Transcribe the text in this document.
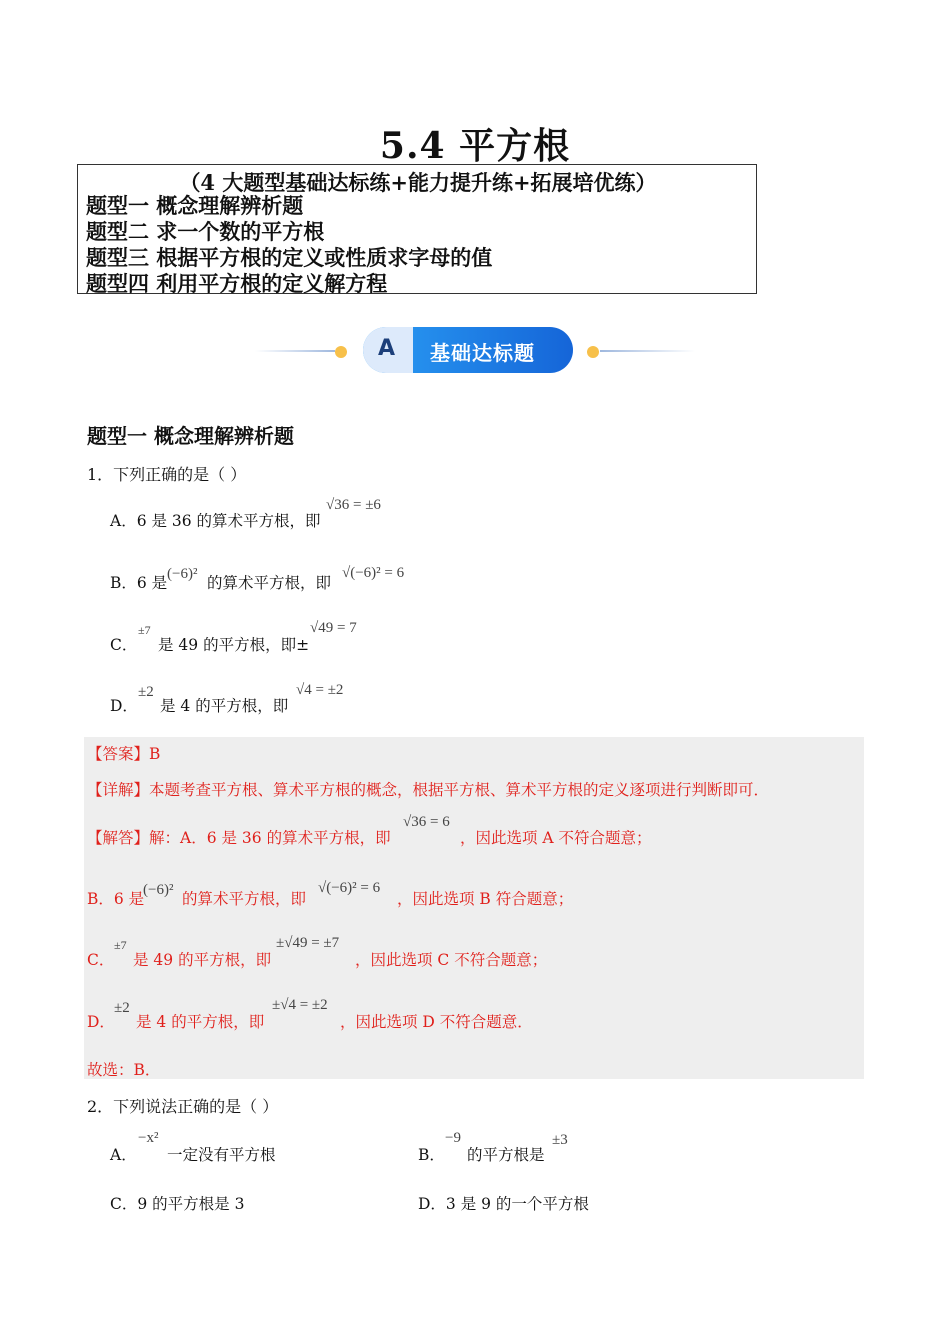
5.4 平方根
（4 大题型基础达标练+能力提升练+拓展培优练）
题型一 概念理解辨析题
题型二 求一个数的平方根
题型三 根据平方根的定义或性质求字母的值
题型四 利用平方根的定义解方程
A 基础达标题
题型一 概念理解辨析题
1．下列正确的是（ ）
A．6 是 36 的算术平方根，即
√36 = ±6
B．6 是 (−6)² 的算术平方根，即
√(−6)² = 6
C．
±7
是 49 的平方根，即±
√49 = 7
D．
±2
是 4 的平方根，即
√4 = ±2
【答案】B
【详解】本题考查平方根、算术平方根的概念，根据平方根、算术平方根的定义逐项进行判断即可．
【解答】解：A．6 是 36 的算术平方根，即
√36 = 6
，因此选项 A 不符合题意；
B．6 是
(−6)² 的算术平方根，即
√(−6)² = 6
，因此选项 B 符合题意；
C．
±7
是 49 的平方根，即
±√49 = ±7
，因此选项 C 不符合题意；
D．
±2
是 4 的平方根，即
±√4 = ±2
，因此选项 D 不符合题意．
故选：B．
2．下列说法正确的是（ ）
A．
−x²
一定没有平方根	B．
−9
的平方根是
±3
C．9 的平方根是 3	D．3 是 9 的一个平方根
